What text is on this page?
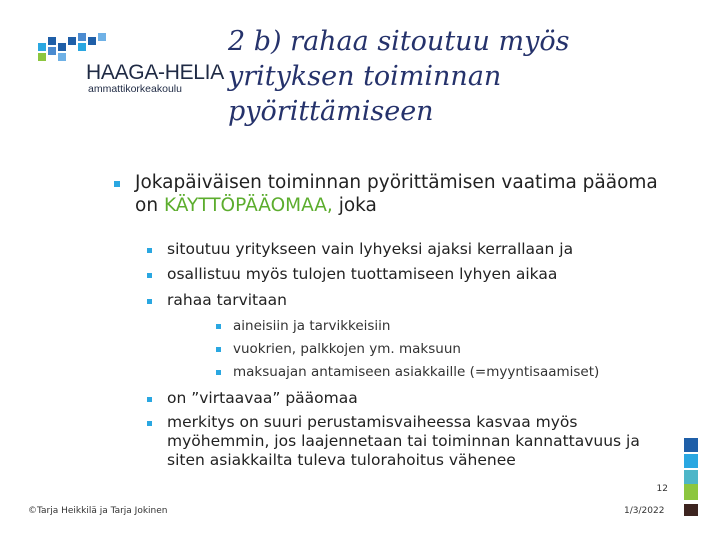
HAAGA-HELIA
ammattikorkeakoulu
2 b) rahaa sitoutuu myös
yrityksen toiminnan
pyörittämiseen
Jokapäiväisen toiminnan pyörittämisen vaatima pääoma
on KÄYTTÖPÄÄOMAA, joka
sitoutuu yritykseen vain lyhyeksi ajaksi kerrallaan ja
osallistuu myös tulojen tuottamiseen lyhyen aikaa
rahaa tarvitaan
aineisiin ja tarvikkeisiin
vuokrien, palkkojen ym. maksuun
maksuajan antamiseen asiakkaille (=myyntisaamiset)
on ”virtaavaa” pääomaa
merkitys on suuri perustamisvaiheessa kasvaa myös
myöhemmin, jos laajennetaan tai toiminnan kannattavuus ja
siten asiakkailta tuleva tulorahoitus vähenee
12
©Tarja Heikkilä ja Tarja Jokinen	1/3/2022
